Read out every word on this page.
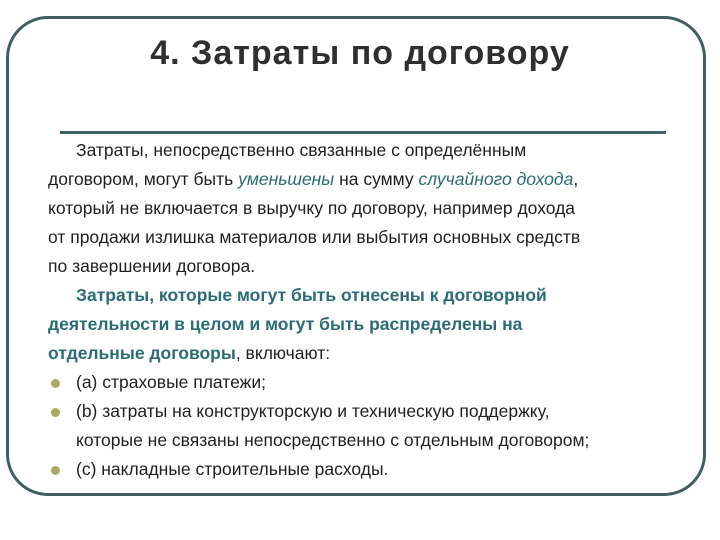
4. Затраты по договору
Затраты, непосредственно связанные с определённым
договором, могут быть уменьшены на сумму случайного дохода,
который не включается в выручку по договору, например дохода
от продажи излишка материалов или выбытия основных средств
по завершении договора.
Затраты, которые могут быть отнесены к договорной
деятельности в целом и могут быть распределены на
отдельные договоры, включают:
(а) страховые платежи;
(b) затраты на конструкторскую и техническую поддержку,
которые не связаны непосредственно с отдельным договором;
(с) накладные строительные расходы.
